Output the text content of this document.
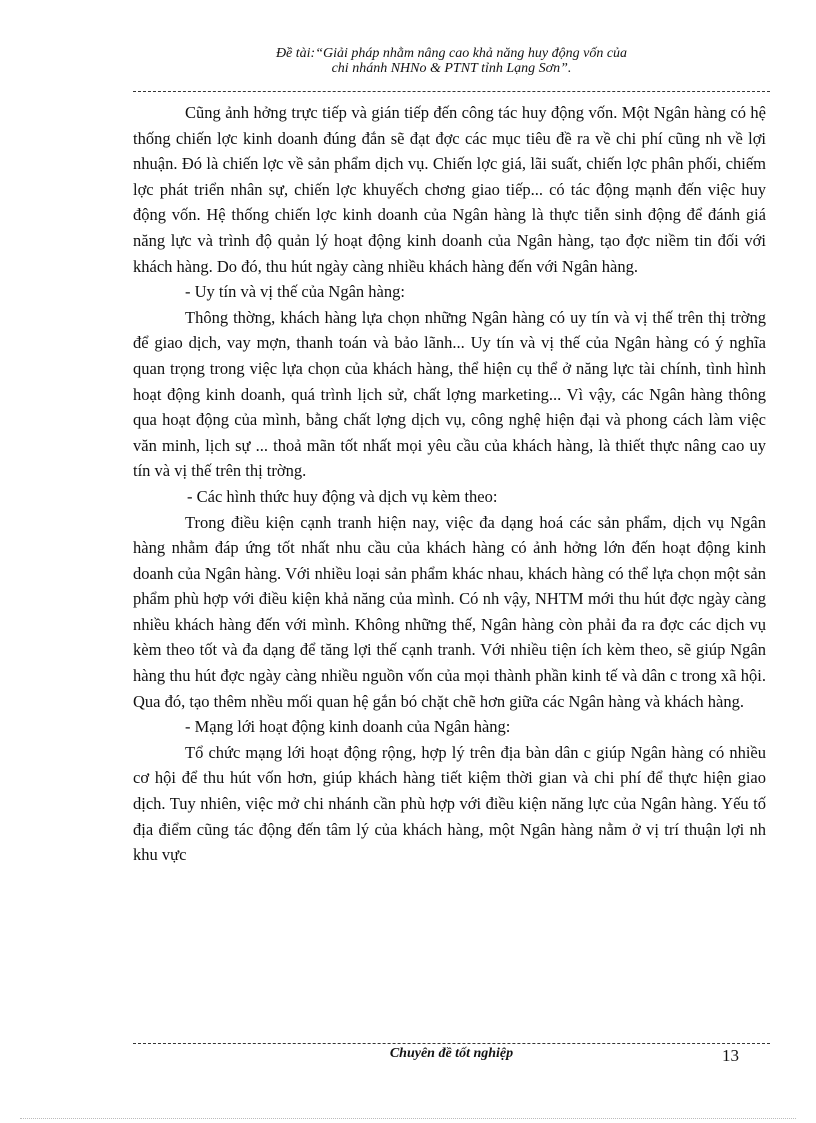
Đề tài:“Giải pháp nhằm nâng cao khả năng huy động vốn của
chi nhánh NHNo & PTNT tỉnh Lạng Sơn”.

Cũng ảnh hởng trực tiếp và gián tiếp đến công tác huy động vốn. Một Ngân hàng có hệ thống chiến lợc kinh doanh đúng đắn sẽ đạt đợc các mục tiêu đề ra về chi phí cũng nh về lợi nhuận. Đó là chiến lợc về sản phẩm dịch vụ. Chiến lợc giá, lãi suất, chiến lợc phân phối, chiếm lợc phát triển nhân sự, chiến lợc khuyếch chơng giao tiếp... có tác động mạnh đến việc huy động vốn. Hệ thống chiến lợc kinh doanh của Ngân hàng là thực tiễn sinh động để đánh giá năng lực và trình độ quản lý hoạt động kinh doanh của Ngân hàng, tạo đợc niềm tin đối với khách hàng. Do đó, thu hút ngày càng nhiều khách hàng đến với Ngân hàng.

- Uy tín và vị thế của Ngân hàng:

Thông thờng, khách hàng lựa chọn những Ngân hàng có uy tín và vị thế trên thị trờng để giao dịch, vay mợn, thanh toán và bảo lãnh... Uy tín và vị thế của Ngân hàng có ý nghĩa quan trọng trong việc lựa chọn của khách hàng, thể hiện cụ thể ở năng lực tài chính, tình hình hoạt động kinh doanh, quá trình lịch sử, chất lợng marketing... Vì vậy, các Ngân hàng thông qua hoạt động của mình, bằng chất lợng dịch vụ, công nghệ hiện đại và phong cách làm việc văn minh, lịch sự ... thoả mãn tốt nhất mọi yêu cầu của khách hàng, là thiết thực nâng cao uy tín và vị thế trên thị trờng.

- Các hình thức huy động và dịch vụ kèm theo:

Trong điều kiện cạnh tranh hiện nay, việc đa dạng hoá các sản phẩm, dịch vụ Ngân hàng nhằm đáp ứng tốt nhất nhu cầu của khách hàng có ảnh hởng lớn đến hoạt động kinh doanh của Ngân hàng. Với nhiều loại sản phẩm khác nhau, khách hàng có thể lựa chọn một sản phẩm phù hợp với điều kiện khả năng của mình. Có nh vậy, NHTM mới thu hút đợc ngày càng nhiều khách hàng đến với mình. Không những thế, Ngân hàng còn phải đa ra đợc các dịch vụ kèm theo tốt và đa dạng để tăng lợi thế cạnh tranh. Với nhiều tiện ích kèm theo, sẽ giúp Ngân hàng thu hút đợc ngày càng nhiều nguồn vốn của mọi thành phần kinh tế và dân c trong xã hội. Qua đó, tạo thêm nhều mối quan hệ gắn bó chặt chẽ hơn giữa các Ngân hàng và khách hàng.

- Mạng lới hoạt động kinh doanh của Ngân hàng:

Tổ chức mạng lới hoạt động rộng, hợp lý trên địa bàn dân c giúp Ngân hàng có nhiều cơ hội để thu hút vốn hơn, giúp khách hàng tiết kiệm thời gian và chi phí để thực hiện giao dịch. Tuy nhiên, việc mở chi nhánh cần phù hợp với điều kiện năng lực của Ngân hàng. Yếu tố địa điểm cũng tác động đến tâm lý của khách hàng, một Ngân hàng nằm ở vị trí thuận lợi nh khu vực

Chuyên đề tốt nghiệp	13
